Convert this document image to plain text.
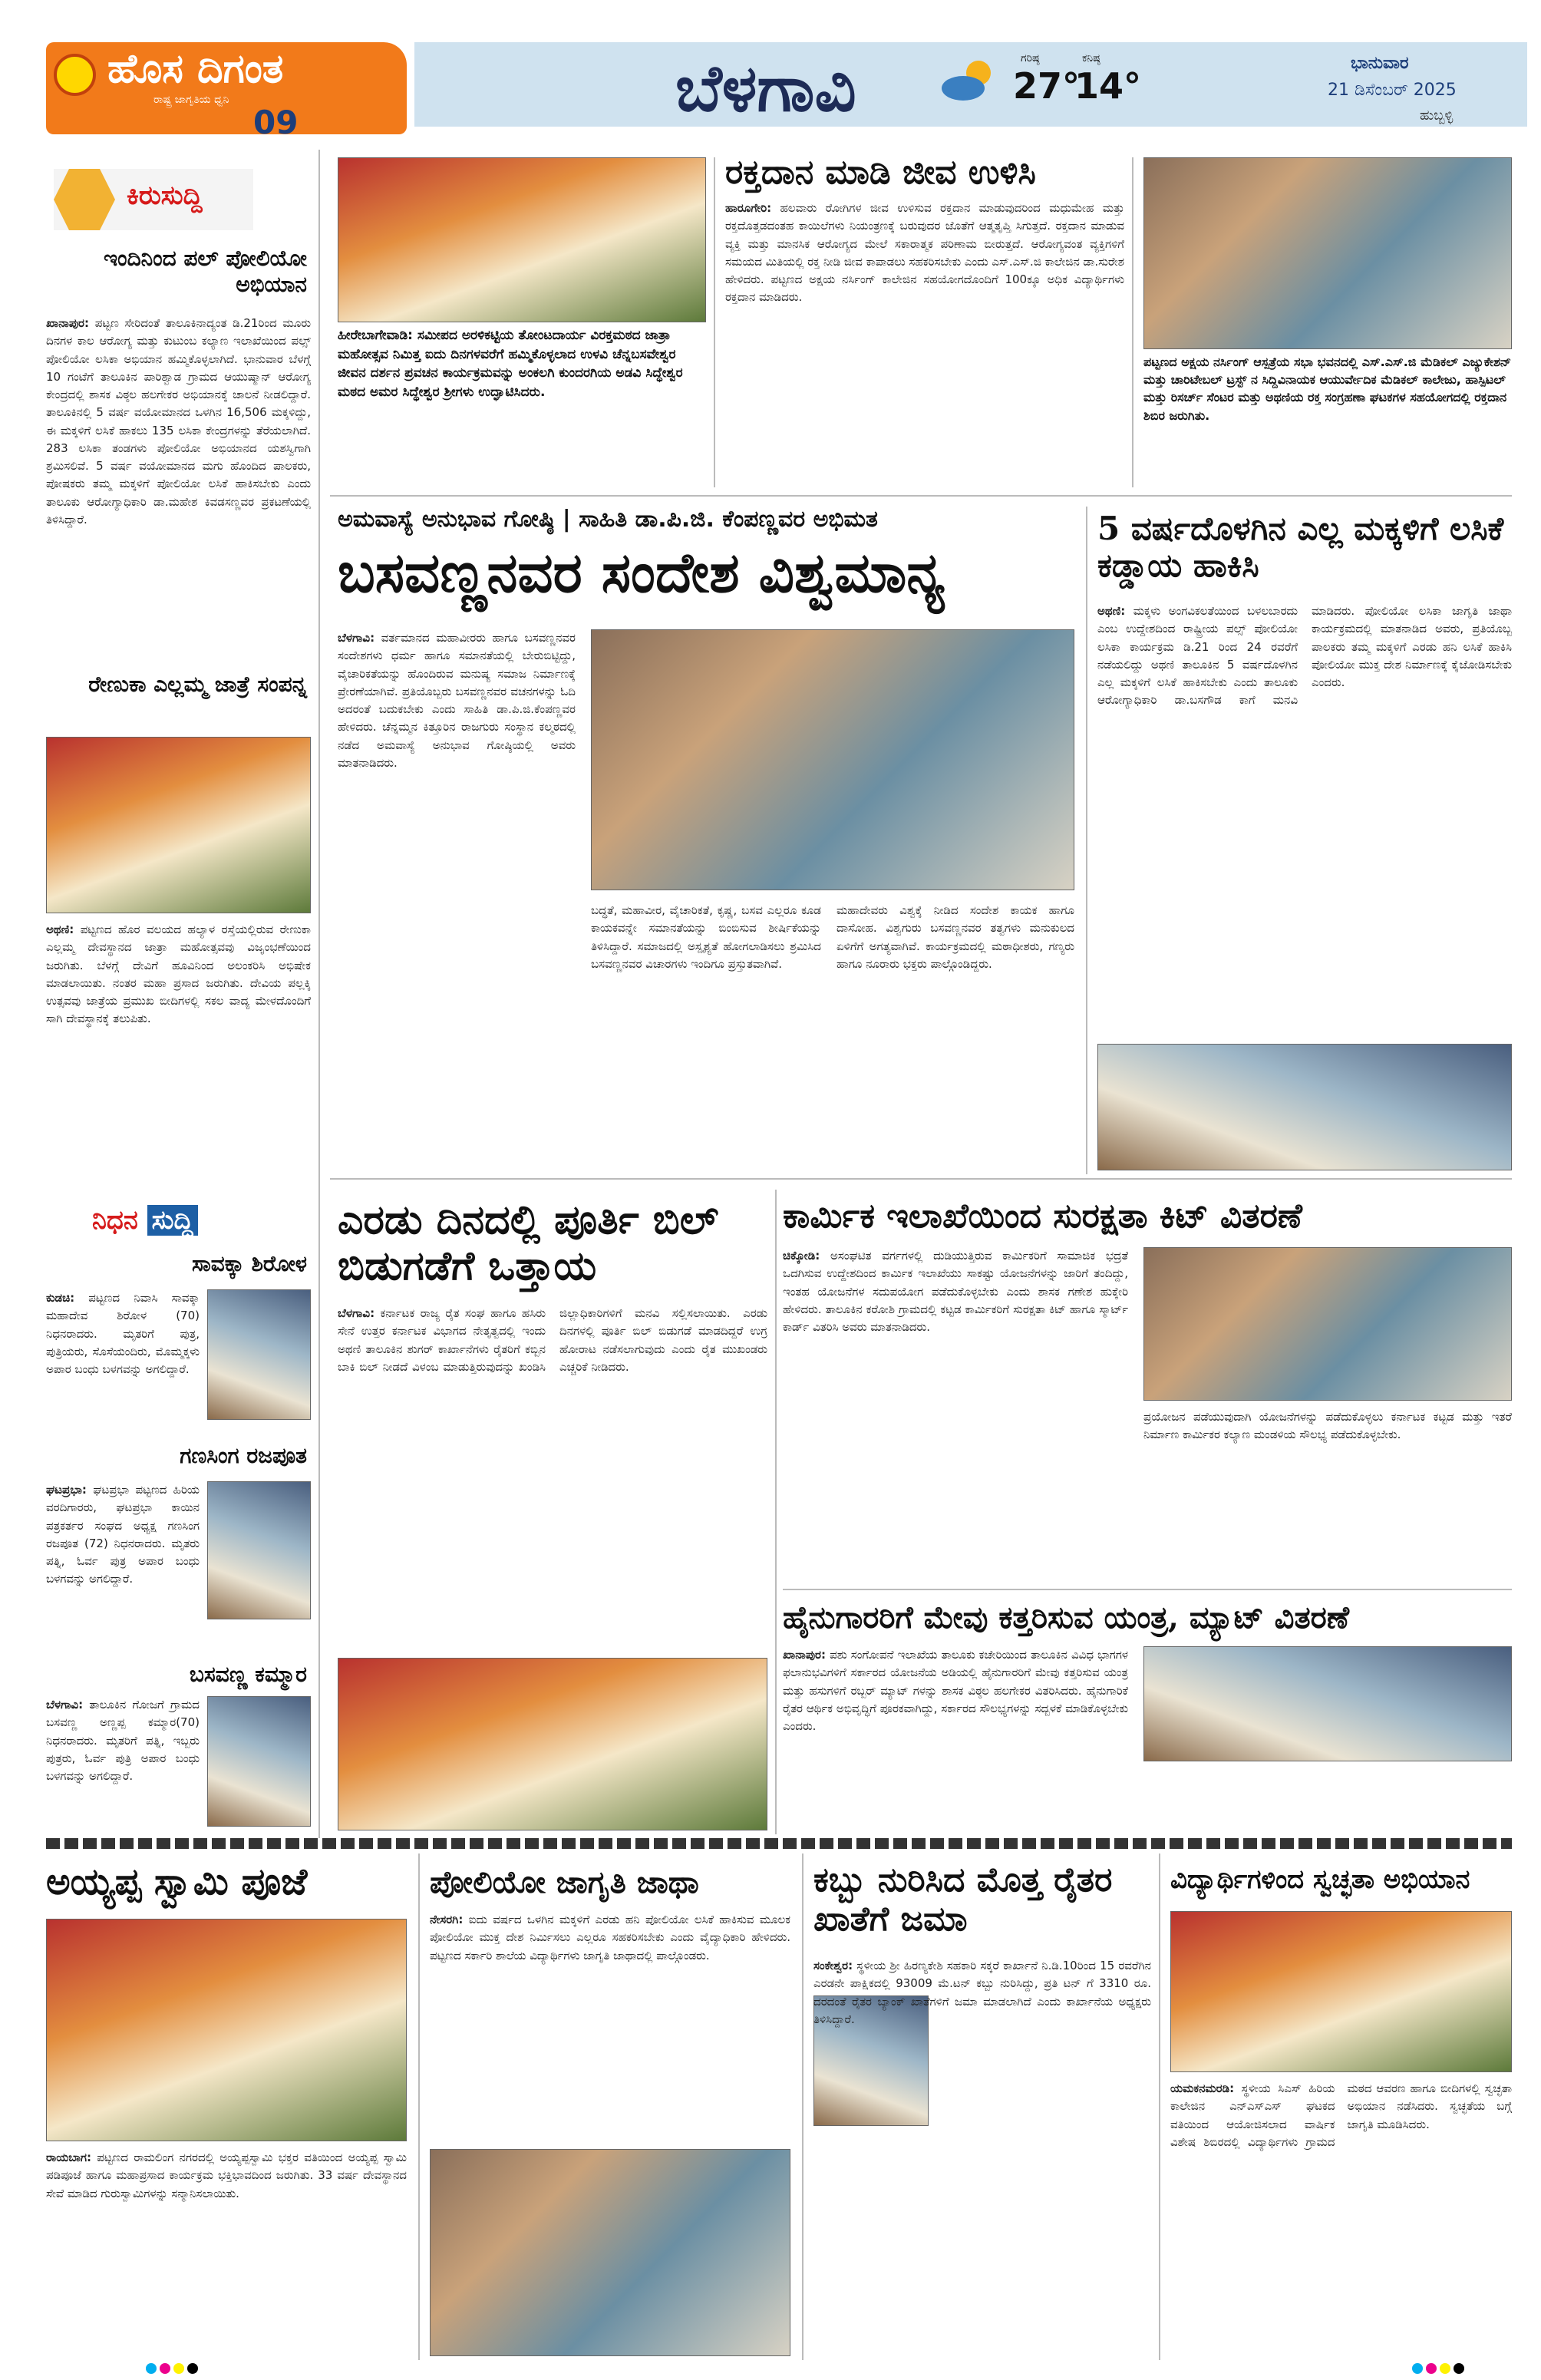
ಹೊಸ ದಿಗಂತ
ರಾಷ್ಟ್ರ ಜಾಗೃತಿಯ ಧ್ವನಿ
09	ಬೆಳಗಾವಿ	ಗರಿಷ್ಠ
27°
ಕನಿಷ್ಠ
14°
ಭಾನುವಾರ
21 ಡಿಸೆಂಬರ್ 2025
ಹುಬ್ಬಳ್ಳಿ
ಕಿರುಸುದ್ದಿ
ಇಂದಿನಿಂದ ಪಲ್ ಪೋಲಿಯೋ ಅಭಿಯಾನ
ಖಾನಾಪುರ: ಪಟ್ಟಣ ಸೇರಿದಂತೆ ತಾಲೂಕಿನಾದ್ಯಂತ ಡಿ.21ರಿಂದ ಮೂರು ದಿನಗಳ ಕಾಲ ಆರೋಗ್ಯ ಮತ್ತು ಕುಟುಂಬ ಕಲ್ಯಾಣ ಇಲಾಖೆಯಿಂದ ಪಲ್ಸ್ ಪೋಲಿಯೋ ಲಸಿಕಾ ಅಭಿಯಾನ ಹಮ್ಮಿಕೊಳ್ಳಲಾಗಿದೆ. ಭಾನುವಾರ ಬೆಳಗ್ಗೆ 10 ಗಂಟೆಗೆ ತಾಲೂಕಿನ ಪಾರಿಶ್ವಾಡ ಗ್ರಾಮದ ಆಯುಷ್ಮಾನ್ ಆರೋಗ್ಯ ಕೇಂದ್ರದಲ್ಲಿ ಶಾಸಕ ವಿಠ್ಠಲ ಹಲಗೇಕರ ಅಭಿಯಾನಕ್ಕೆ ಚಾಲನೆ ನೀಡಲಿದ್ದಾರೆ. ತಾಲೂಕಿನಲ್ಲಿ 5 ವರ್ಷ ವಯೋಮಾನದ ಒಳಗಿನ 16,506 ಮಕ್ಕಳಿದ್ದು, ಈ ಮಕ್ಕಳಿಗೆ ಲಸಿಕೆ ಹಾಕಲು 135 ಲಸಿಕಾ ಕೇಂದ್ರಗಳನ್ನು ತೆರೆಯಲಾಗಿದೆ. 283 ಲಸಿಕಾ ತಂಡಗಳು ಪೋಲಿಯೋ ಅಭಿಯಾನದ ಯಶಸ್ವಿಗಾಗಿ ಶ್ರಮಿಸಲಿವೆ. 5 ವರ್ಷ ವಯೋಮಾನದ ಮಗು ಹೊಂದಿದ ಪಾಲಕರು, ಪೋಷಕರು ತಮ್ಮ ಮಕ್ಕಳಿಗೆ ಪೋಲಿಯೋ ಲಸಿಕೆ ಹಾಕಿಸಬೇಕು ಎಂದು ತಾಲೂಕು ಆರೋಗ್ಯಾಧಿಕಾರಿ ಡಾ.ಮಹೇಶ ಕಿವಡಸಣ್ಣವರ ಪ್ರಕಟಣೆಯಲ್ಲಿ ತಿಳಿಸಿದ್ದಾರೆ.
ರೇಣುಕಾ ಎಲ್ಲಮ್ಮ ಜಾತ್ರೆ ಸಂಪನ್ನ
ಅಥಣಿ: ಪಟ್ಟಣದ ಹೊರ ವಲಯದ ಹಲ್ಯಾಳ ರಸ್ತೆಯಲ್ಲಿರುವ ರೇಣುಕಾ ಎಲ್ಲಮ್ಮ ದೇವಸ್ಥಾನದ ಜಾತ್ರಾ ಮಹೋತ್ಸವವು ವಿಜೃಂಭಣೆಯಿಂದ ಜರುಗಿತು. ಬೆಳಗ್ಗೆ ದೇವಿಗೆ ಹೂವಿನಿಂದ ಅಲಂಕರಿಸಿ ಅಭಿಷೇಕ ಮಾಡಲಾಯಿತು. ನಂತರ ಮಹಾ ಪ್ರಸಾದ ಜರುಗಿತು. ದೇವಿಯ ಪಲ್ಲಕ್ಕಿ ಉತ್ಸವವು ಜಾತ್ರೆಯ ಪ್ರಮುಖ ಬೀದಿಗಳಲ್ಲಿ ಸಕಲ ವಾದ್ಯ ಮೇಳದೊಂದಿಗೆ ಸಾಗಿ ದೇವಸ್ಥಾನಕ್ಕೆ ತಲುಪಿತು.
ನಿಧನ ಸುದ್ದಿ
ಸಾವಕ್ಕಾ ಶಿರೋಳ
ಕುಡಚಿ: ಪಟ್ಟಣದ ನಿವಾಸಿ ಸಾವಕ್ಕಾ ಮಹಾದೇವ ಶಿರೋಳ (70) ನಿಧನರಾದರು. ಮೃತರಿಗೆ ಪುತ್ರ, ಪುತ್ರಿಯರು, ಸೊಸೆಯಂದಿರು, ಮೊಮ್ಮಕ್ಕಳು ಅಪಾರ ಬಂಧು ಬಳಗವನ್ನು ಅಗಲಿದ್ದಾರೆ.
ಗಣಸಿಂಗ ರಜಪೂತ
ಘಟಪ್ರಭಾ: ಘಟಪ್ರಭಾ ಪಟ್ಟಣದ ಹಿರಿಯ ವರದಿಗಾರರು, ಘಟಪ್ರಭಾ ಕಾಯಿನ ಪತ್ರಕರ್ತರ ಸಂಘದ ಅಧ್ಯಕ್ಷ ಗಣಸಿಂಗ ರಜಪೂತ (72) ನಿಧನರಾದರು. ಮೃತರು ಪತ್ನಿ, ಓರ್ವ ಪುತ್ರ ಅಪಾರ ಬಂಧು ಬಳಗವನ್ನು ಅಗಲಿದ್ದಾರೆ.
ಬಸವಣ್ಣ ಕಮ್ಮಾರ
ಬೆಳಗಾವಿ: ತಾಲೂಕಿನ ಗೋಜಗೆ ಗ್ರಾಮದ ಬಸವಣ್ಣ ಅಣ್ಣಪ್ಪ ಕಮ್ಮಾರ(70) ನಿಧನರಾದರು. ಮೃತರಿಗೆ ಪತ್ನಿ, ಇಬ್ಬರು ಪುತ್ರರು, ಓರ್ವ ಪುತ್ರಿ ಅಪಾರ ಬಂಧು ಬಳಗವನ್ನು ಅಗಲಿದ್ದಾರೆ.
ಹೀರೇಬಾಗೇವಾಡಿ: ಸಮೀಪದ ಅರಳಿಕಟ್ಟಿಯ ತೋಂಟದಾರ್ಯ ವಿರಕ್ತಮಠದ ಜಾತ್ರಾ ಮಹೋತ್ಸವ ನಿಮಿತ್ತ ಐದು ದಿನಗಳವರೆಗೆ ಹಮ್ಮಿಕೊಳ್ಳಲಾದ ಉಳವಿ ಚೆನ್ನಬಸವೇಶ್ವರ ಜೀವನ ದರ್ಶನ ಪ್ರವಚನ ಕಾರ್ಯಕ್ರಮವನ್ನು ಅಂಕಲಗಿ ಕುಂದರಗಿಯ ಅಡವಿ ಸಿದ್ಧೇಶ್ವರ ಮಠದ ಅಮರ ಸಿದ್ಧೇಶ್ವರ ಶ್ರೀಗಳು ಉದ್ಘಾಟಿಸಿದರು.
ರಕ್ತದಾನ ಮಾಡಿ ಜೀವ ಉಳಿಸಿ
ಹಾರೂಗೇರಿ: ಹಲವಾರು ರೋಗಿಗಳ ಜೀವ ಉಳಿಸುವ ರಕ್ತದಾನ ಮಾಡುವುದರಿಂದ ಮಧುಮೇಹ ಮತ್ತು ರಕ್ತದೊತ್ತಡದಂತಹ ಕಾಯಿಲೆಗಳು ನಿಯಂತ್ರಣಕ್ಕೆ ಬರುವುದರ ಜೊತೆಗೆ ಆತ್ಮತೃಪ್ತಿ ಸಿಗುತ್ತದೆ. ರಕ್ತದಾನ ಮಾಡುವ ವ್ಯಕ್ತಿ ಮತ್ತು ಮಾನಸಿಕ ಆರೋಗ್ಯದ ಮೇಲೆ ಸಕಾರಾತ್ಮಕ ಪರಿಣಾಮ ಬೀರುತ್ತದೆ. ಆರೋಗ್ಯವಂತ ವ್ಯಕ್ತಿಗಳಿಗೆ ಸಮಯದ ಮಿತಿಯಲ್ಲಿ ರಕ್ತ ನೀಡಿ ಜೀವ ಕಾಪಾಡಲು ಸಹಕರಿಸಬೇಕು ಎಂದು ಎಸ್.ಎಸ್.ಜಿ ಕಾಲೇಜಿನ ಡಾ.ಸುರೇಶ ಹೇಳಿದರು. ಪಟ್ಟಣದ ಅಕ್ಷಯ ನರ್ಸಿಂಗ್ ಕಾಲೇಜಿನ ಸಹಯೋಗದೊಂದಿಗೆ 100ಕ್ಕೂ ಅಧಿಕ ವಿದ್ಯಾರ್ಥಿಗಳು ರಕ್ತದಾನ ಮಾಡಿದರು.
ಪಟ್ಟಣದ ಅಕ್ಷಯ ನರ್ಸಿಂಗ್ ಆಸ್ಪತ್ರೆಯ ಸಭಾ ಭವನದಲ್ಲಿ ಎಸ್.ಎಸ್.ಜಿ ಮೆಡಿಕಲ್ ಎಜ್ಯುಕೇಶನ್ ಮತ್ತು ಚಾರಿಟೇಬಲ್ ಟ್ರಸ್ಟ್ ನ ಸಿದ್ದಿವಿನಾಯಕ ಆಯುರ್ವೇದಿಕ ಮೆಡಿಕಲ್ ಕಾಲೇಜು, ಹಾಸ್ಪಿಟಲ್ ಮತ್ತು ರಿಸರ್ಚ್ ಸೆಂಟರ ಮತ್ತು ಅಥಣಿಯ ರಕ್ತ ಸಂಗ್ರಹಣಾ ಘಟಕಗಳ ಸಹಯೋಗದಲ್ಲಿ ರಕ್ತದಾನ ಶಿಬಿರ ಜರುಗಿತು.
ಅಮವಾಸ್ಯೆ ಅನುಭಾವ ಗೋಷ್ಠಿ | ಸಾಹಿತಿ ಡಾ.ಪಿ.ಜಿ. ಕೆಂಪಣ್ಣವರ ಅಭಿಮತ
ಬಸವಣ್ಣನವರ ಸಂದೇಶ ವಿಶ್ವಮಾನ್ಯ
ಬೆಳಗಾವಿ: ವರ್ತಮಾನದ ಮಹಾವೀರರು ಹಾಗೂ ಬಸವಣ್ಣನವರ ಸಂದೇಶಗಳು ಧರ್ಮ ಹಾಗೂ ಸಮಾನತೆಯಲ್ಲಿ ಬೇರುಬಿಟ್ಟಿದ್ದು, ವೈಚಾರಿಕತೆಯನ್ನು ಹೊಂದಿರುವ ಮನುಷ್ಯ ಸಮಾಜ ನಿರ್ಮಾಣಕ್ಕೆ ಪ್ರೇರಣೆಯಾಗಿವೆ. ಪ್ರತಿಯೊಬ್ಬರು ಬಸವಣ್ಣನವರ ವಚನಗಳನ್ನು ಓದಿ ಅದರಂತೆ ಬದುಕಬೇಕು ಎಂದು ಸಾಹಿತಿ ಡಾ.ಪಿ.ಜಿ.ಕೆಂಪಣ್ಣವರ ಹೇಳಿದರು. ಚೆನ್ನಮ್ಮನ ಕಿತ್ತೂರಿನ ರಾಜಗುರು ಸಂಸ್ಥಾನ ಕಲ್ಮಠದಲ್ಲಿ ನಡೆದ ಅಮವಾಸ್ಯೆ ಅನುಭಾವ ಗೋಷ್ಠಿಯಲ್ಲಿ ಅವರು ಮಾತನಾಡಿದರು.
ಬದ್ಧತೆ, ಮಹಾವೀರ, ವೈಚಾರಿಕತೆ, ಕೃಷ್ಣ, ಬಸವ ಎಲ್ಲರೂ ಕೂಡ ಕಾಯಕವನ್ನೇ ಸಮಾನತೆಯನ್ನು ಬಿಂಬಿಸುವ ಶೀರ್ಷಿಕೆಯನ್ನು ತಿಳಿಸಿದ್ದಾರೆ. ಸಮಾಜದಲ್ಲಿ ಅಸ್ಪೃಶ್ಯತೆ ಹೋಗಲಾಡಿಸಲು ಶ್ರಮಿಸಿದ ಬಸವಣ್ಣನವರ ವಿಚಾರಗಳು ಇಂದಿಗೂ ಪ್ರಸ್ತುತವಾಗಿವೆ.
ಮಹಾದೇವರು ವಿಶ್ವಕ್ಕೆ ನೀಡಿದ ಸಂದೇಶ ಕಾಯಕ ಹಾಗೂ ದಾಸೋಹ. ವಿಶ್ವಗುರು ಬಸವಣ್ಣನವರ ತತ್ವಗಳು ಮನುಕುಲದ ಏಳಿಗೆಗೆ ಅಗತ್ಯವಾಗಿವೆ. ಕಾರ್ಯಕ್ರಮದಲ್ಲಿ ಮಠಾಧೀಶರು, ಗಣ್ಯರು ಹಾಗೂ ನೂರಾರು ಭಕ್ತರು ಪಾಲ್ಗೊಂಡಿದ್ದರು.
5 ವರ್ಷದೊಳಗಿನ ಎಲ್ಲ ಮಕ್ಕಳಿಗೆ ಲಸಿಕೆ ಕಡ್ಡಾಯ ಹಾಕಿಸಿ
ಅಥಣಿ: ಮಕ್ಕಳು ಅಂಗವಿಕಲತೆಯಿಂದ ಬಳಲಬಾರದು ಎಂಬ ಉದ್ದೇಶದಿಂದ ರಾಷ್ಟ್ರೀಯ ಪಲ್ಸ್ ಪೋಲಿಯೋ ಲಸಿಕಾ ಕಾರ್ಯಕ್ರಮ ಡಿ.21 ರಿಂದ 24 ರವರೆಗೆ ನಡೆಯಲಿದ್ದು ಅಥಣಿ ತಾಲೂಕಿನ 5 ವರ್ಷದೊಳಗಿನ ಎಲ್ಲ ಮಕ್ಕಳಿಗೆ ಲಸಿಕೆ ಹಾಕಿಸಬೇಕು ಎಂದು ತಾಲೂಕು ಆರೋಗ್ಯಾಧಿಕಾರಿ ಡಾ.ಬಸಗೌಡ ಕಾಗೆ ಮನವಿ ಮಾಡಿದರು. ಪೋಲಿಯೋ ಲಸಿಕಾ ಜಾಗೃತಿ ಜಾಥಾ ಕಾರ್ಯಕ್ರಮದಲ್ಲಿ ಮಾತನಾಡಿದ ಅವರು, ಪ್ರತಿಯೊಬ್ಬ ಪಾಲಕರು ತಮ್ಮ ಮಕ್ಕಳಿಗೆ ಎರಡು ಹನಿ ಲಸಿಕೆ ಹಾಕಿಸಿ ಪೋಲಿಯೋ ಮುಕ್ತ ದೇಶ ನಿರ್ಮಾಣಕ್ಕೆ ಕೈಜೋಡಿಸಬೇಕು ಎಂದರು.
ಎರಡು ದಿನದಲ್ಲಿ ಪೂರ್ತಿ ಬಿಲ್ ಬಿಡುಗಡೆಗೆ ಒತ್ತಾಯ
ಬೆಳಗಾವಿ: ಕರ್ನಾಟಕ ರಾಜ್ಯ ರೈತ ಸಂಘ ಹಾಗೂ ಹಸಿರು ಸೇನೆ ಉತ್ತರ ಕರ್ನಾಟಕ ವಿಭಾಗದ ನೇತೃತ್ವದಲ್ಲಿ ಇಂದು ಅಥಣಿ ತಾಲೂಕಿನ ಶುಗರ್ ಕಾರ್ಖಾನೆಗಳು ರೈತರಿಗೆ ಕಬ್ಬಿನ ಬಾಕಿ ಬಿಲ್ ನೀಡದೆ ವಿಳಂಬ ಮಾಡುತ್ತಿರುವುದನ್ನು ಖಂಡಿಸಿ ಜಿಲ್ಲಾಧಿಕಾರಿಗಳಿಗೆ ಮನವಿ ಸಲ್ಲಿಸಲಾಯಿತು. ಎರಡು ದಿನಗಳಲ್ಲಿ ಪೂರ್ತಿ ಬಿಲ್ ಬಿಡುಗಡೆ ಮಾಡದಿದ್ದರೆ ಉಗ್ರ ಹೋರಾಟ ನಡೆಸಲಾಗುವುದು ಎಂದು ರೈತ ಮುಖಂಡರು ಎಚ್ಚರಿಕೆ ನೀಡಿದರು.
ಕಾರ್ಮಿಕ ಇಲಾಖೆಯಿಂದ ಸುರಕ್ಷತಾ ಕಿಟ್ ವಿತರಣೆ
ಚಿಕ್ಕೋಡಿ: ಅಸಂಘಟಿತ ವರ್ಗಗಳಲ್ಲಿ ದುಡಿಯುತ್ತಿರುವ ಕಾರ್ಮಿಕರಿಗೆ ಸಾಮಾಜಿಕ ಭದ್ರತೆ ಒದಗಿಸುವ ಉದ್ದೇಶದಿಂದ ಕಾರ್ಮಿಕ ಇಲಾಖೆಯು ಸಾಕಷ್ಟು ಯೋಜನೆಗಳನ್ನು ಜಾರಿಗೆ ತಂದಿದ್ದು, ಇಂತಹ ಯೋಜನೆಗಳ ಸದುಪಯೋಗ ಪಡೆದುಕೊಳ್ಳಬೇಕು ಎಂದು ಶಾಸಕ ಗಣೇಶ ಹುಕ್ಕೇರಿ ಹೇಳಿದರು. ತಾಲೂಕಿನ ಕರೋಶಿ ಗ್ರಾಮದಲ್ಲಿ ಕಟ್ಟಡ ಕಾರ್ಮಿಕರಿಗೆ ಸುರಕ್ಷತಾ ಕಿಟ್ ಹಾಗೂ ಸ್ಮಾರ್ಟ್ ಕಾರ್ಡ್ ವಿತರಿಸಿ ಅವರು ಮಾತನಾಡಿದರು.
ಪ್ರಯೋಜನ ಪಡೆಯುವುದಾಗಿ ಯೋಜನೆಗಳನ್ನು ಪಡೆದುಕೊಳ್ಳಲು ಕರ್ನಾಟಕ ಕಟ್ಟಡ ಮತ್ತು ಇತರೆ ನಿರ್ಮಾಣ ಕಾರ್ಮಿಕರ ಕಲ್ಯಾಣ ಮಂಡಳಿಯ ಸೌಲಭ್ಯ ಪಡೆದುಕೊಳ್ಳಬೇಕು.
ಹೈನುಗಾರರಿಗೆ ಮೇವು ಕತ್ತರಿಸುವ ಯಂತ್ರ, ಮ್ಯಾಟ್ ವಿತರಣೆ
ಖಾನಾಪುರ: ಪಶು ಸಂಗೋಪನೆ ಇಲಾಖೆಯ ತಾಲೂಕು ಕಚೇರಿಯಿಂದ ತಾಲೂಕಿನ ವಿವಿಧ ಭಾಗಗಳ ಫಲಾನುಭವಿಗಳಿಗೆ ಸರ್ಕಾರದ ಯೋಜನೆಯ ಅಡಿಯಲ್ಲಿ ಹೈನುಗಾರರಿಗೆ ಮೇವು ಕತ್ತರಿಸುವ ಯಂತ್ರ ಮತ್ತು ಹಸುಗಳಿಗೆ ರಬ್ಬರ್ ಮ್ಯಾಟ್ ಗಳನ್ನು ಶಾಸಕ ವಿಠ್ಠಲ ಹಲಗೇಕರ ವಿತರಿಸಿದರು. ಹೈನುಗಾರಿಕೆ ರೈತರ ಆರ್ಥಿಕ ಅಭಿವೃದ್ಧಿಗೆ ಪೂರಕವಾಗಿದ್ದು, ಸರ್ಕಾರದ ಸೌಲಭ್ಯಗಳನ್ನು ಸದ್ಬಳಕೆ ಮಾಡಿಕೊಳ್ಳಬೇಕು ಎಂದರು.
ಅಯ್ಯಪ್ಪ ಸ್ವಾಮಿ ಪೂಜೆ
ರಾಯಬಾಗ: ಪಟ್ಟಣದ ರಾಮಲಿಂಗ ನಗರದಲ್ಲಿ ಅಯ್ಯಪ್ಪಸ್ವಾಮಿ ಭಕ್ತರ ವತಿಯಿಂದ ಅಯ್ಯಪ್ಪ ಸ್ವಾಮಿ ಪಡಿಪೂಜೆ ಹಾಗೂ ಮಹಾಪ್ರಸಾದ ಕಾರ್ಯಕ್ರಮ ಭಕ್ತಿಭಾವದಿಂದ ಜರುಗಿತು. 33 ವರ್ಷ ದೇವಸ್ಥಾನದ ಸೇವೆ ಮಾಡಿದ ಗುರುಸ್ವಾಮಿಗಳನ್ನು ಸನ್ಮಾನಿಸಲಾಯಿತು.
ಪೋಲಿಯೋ ಜಾಗೃತಿ ಜಾಥಾ
ನೇಸರಗಿ: ಐದು ವರ್ಷದ ಒಳಗಿನ ಮಕ್ಕಳಿಗೆ ಎರಡು ಹನಿ ಪೋಲಿಯೋ ಲಸಿಕೆ ಹಾಕಿಸುವ ಮೂಲಕ ಪೋಲಿಯೋ ಮುಕ್ತ ದೇಶ ನಿರ್ಮಿಸಲು ಎಲ್ಲರೂ ಸಹಕರಿಸಬೇಕು ಎಂದು ವೈದ್ಯಾಧಿಕಾರಿ ಹೇಳಿದರು. ಪಟ್ಟಣದ ಸರ್ಕಾರಿ ಶಾಲೆಯ ವಿದ್ಯಾರ್ಥಿಗಳು ಜಾಗೃತಿ ಜಾಥಾದಲ್ಲಿ ಪಾಲ್ಗೊಂಡರು.
ಕಬ್ಬು ನುರಿಸಿದ ಮೊತ್ತ ರೈತರ ಖಾತೆಗೆ ಜಮಾ
ಸಂಕೇಶ್ವರ: ಸ್ಥಳೀಯ ಶ್ರೀ ಹಿರಣ್ಯಕೇಶಿ ಸಹಕಾರಿ ಸಕ್ಕರೆ ಕಾರ್ಖಾನೆ ನಿ.ಡಿ.10ರಿಂದ 15 ರವರೆಗಿನ ಎರಡನೇ ಪಾಕ್ಷಿಕದಲ್ಲಿ 93009 ಮೆ.ಟನ್ ಕಬ್ಬು ನುರಿಸಿದ್ದು, ಪ್ರತಿ ಟನ್ ಗೆ 3310 ರೂ. ದರದಂತೆ ರೈತರ ಬ್ಯಾಂಕ್ ಖಾತೆಗಳಿಗೆ ಜಮಾ ಮಾಡಲಾಗಿದೆ ಎಂದು ಕಾರ್ಖಾನೆಯ ಅಧ್ಯಕ್ಷರು ತಿಳಿಸಿದ್ದಾರೆ.
ವಿದ್ಯಾರ್ಥಿಗಳಿಂದ ಸ್ವಚ್ಛತಾ ಅಭಿಯಾನ
ಯಮಕನಮರಡಿ: ಸ್ಥಳೀಯ ಸಿಎಸ್ ಹಿರಿಯ ಕಾಲೇಜಿನ ಎನ್ಎಸ್ಎಸ್ ಘಟಕದ ವತಿಯಿಂದ ಆಯೋಜಿಸಲಾದ ವಾರ್ಷಿಕ ವಿಶೇಷ ಶಿಬಿರದಲ್ಲಿ ವಿದ್ಯಾರ್ಥಿಗಳು ಗ್ರಾಮದ ಮಠದ ಆವರಣ ಹಾಗೂ ಬೀದಿಗಳಲ್ಲಿ ಸ್ವಚ್ಛತಾ ಅಭಿಯಾನ ನಡೆಸಿದರು. ಸ್ವಚ್ಛತೆಯ ಬಗ್ಗೆ ಜಾಗೃತಿ ಮೂಡಿಸಿದರು.
